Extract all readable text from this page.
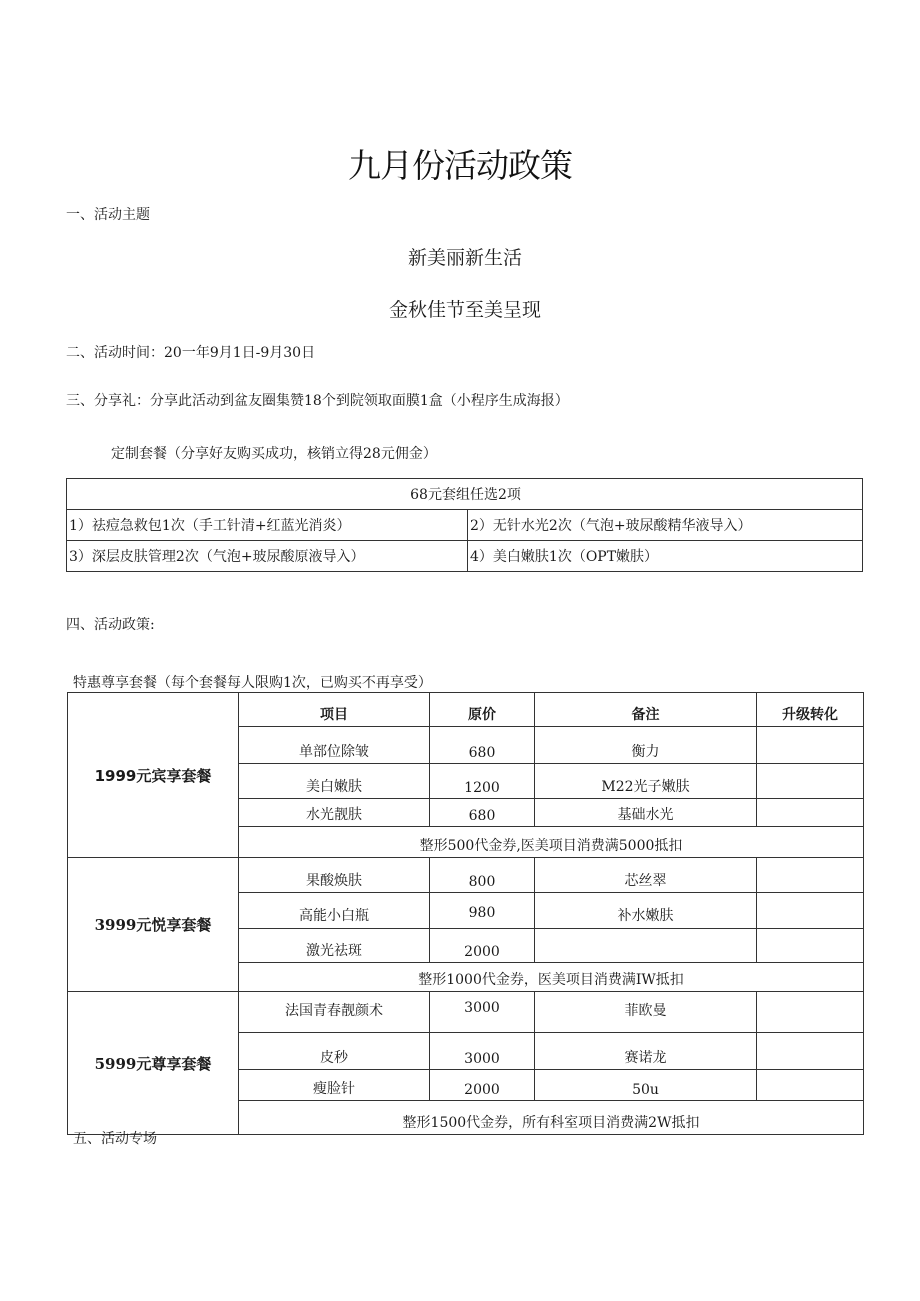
九月份活动政策
一、活动主题
新美丽新生活
金秋佳节至美呈现
二、活动时间：20一年9月1日-9月30日
三、分享礼：分享此活动到盆友圈集赞18个到院领取面膜1盒（小程序生成海报）
定制套餐（分享好友购买成功，核销立得28元佣金）
68元套组任选2项	
1）祛痘急救包1次（手工针清+红蓝光消炎）	2）无针水光2次（气泡+玻尿酸精华液导入）
3）深层皮肤管理2次（气泡+玻尿酸原液导入）	4）美白嫩肤1次（OPT嫩肤）
四、活动政策:
特惠尊享套餐（每个套餐每人限购1次，已购买不再享受）
1999元宾享套餐	项目	原价	备注	升级转化
	单部位除皱	680	衡力	
	美白嫩肤	1200	M22光子嫩肤	
	水光靓肤	680	基础水光	
	整形500代金券,医美项目消费满5000抵扣			
3999元悦享套餐	果酸焕肤	800	芯丝翠	
	高能小白瓶	980	补水嫩肤	
	激光祛斑	2000		
	整形1000代金券，医美项目消费满IW抵扣			
5999元尊享套餐	法国青春靓颜术	3000	菲欧曼	
	皮秒	3000	赛诺龙	
	瘦脸针	2000	50u	
	整形1500代金券，所有科室项目消费满2W抵扣			
五、活动专场
